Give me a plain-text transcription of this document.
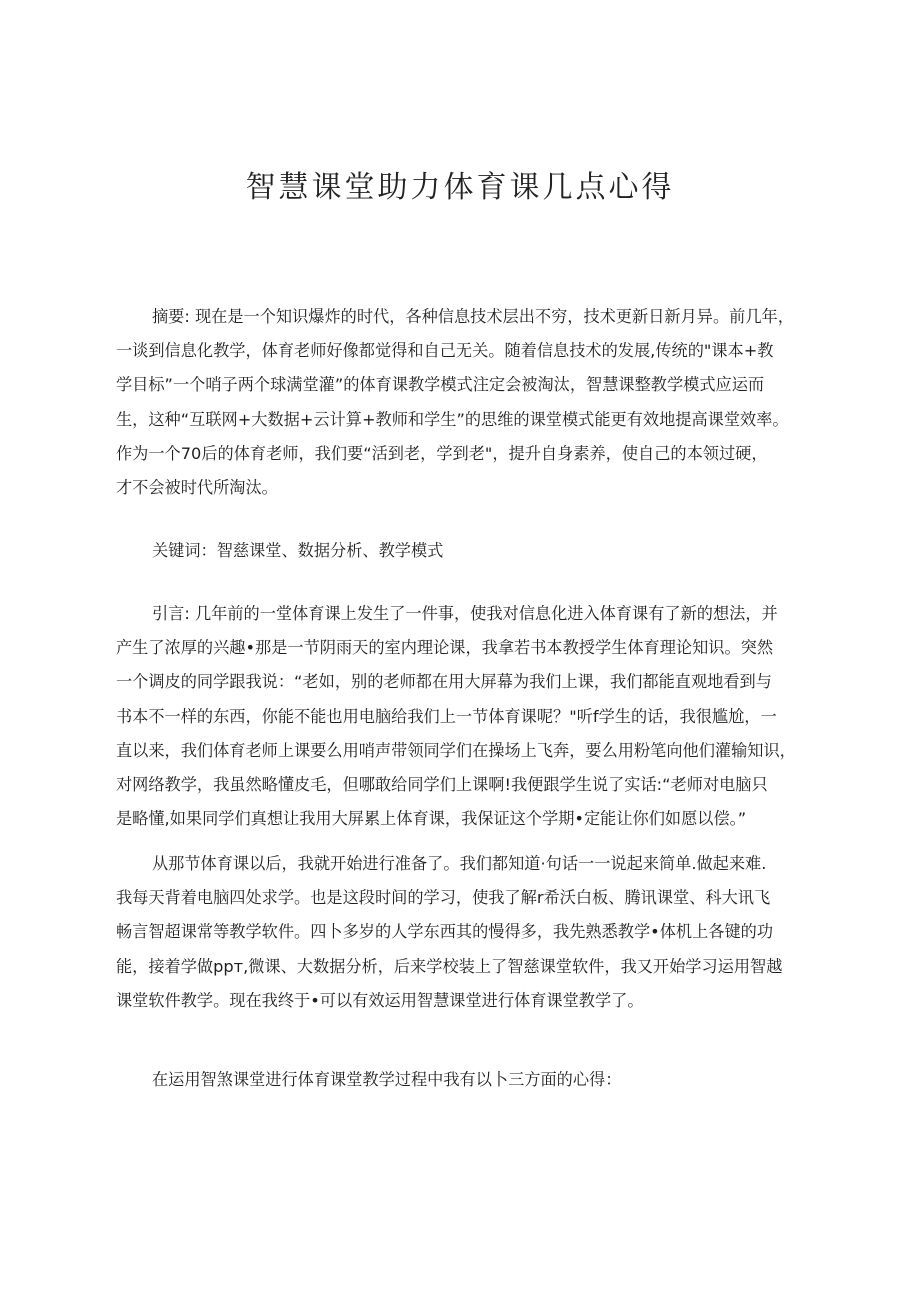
智慧课堂助力体育课几点心得
摘要: 现在是一个知识爆炸的时代，各种信息技术层出不穷，技术更新日新月异。前几年，
一谈到信息化教学，体育老师好像都觉得和自己无关。随着信息技术的发展,传统的"课本+教
学目标”一个哨子两个球满堂灌”的体育课教学模式注定会被淘汰，智慧课整教学模式应运而
生，这种“互联网+大数据+云计算+教师和学生”的思维的课堂模式能更有效地提高课堂效率。
作为一个70后的体育老师，我们要“活到老，学到老"，提升自身素养，使自己的本领过硬，
才不会被时代所淘汰。
关键词：智慈课堂、数据分析、教学模式
引言: 几年前的一堂体育课上发生了一件事，使我对信息化进入体育课有了新的想法，并
产生了浓厚的兴趣•那是一节阴雨天的室内理论课，我拿若书本教授学生体育理论知识。突然
一个调皮的同学跟我说：“老如，别的老师都在用大屏幕为我们上课，我们都能直观地看到与
书本不一样的东西，你能不能也用电脑给我们上一节体育课呢？"听f学生的话，我很尴尬，一
直以来，我们体育老师上课要么用哨声带领同学们在操场上飞奔，要么用粉笔向他们灌输知识，
对网络教学，我虽然略懂皮毛，但哪敢给同学们上课啊!我便跟学生说了实话:“老师对电脑只
是略懂,如果同学们真想让我用大屏累上体育课，我保证这个学期•定能让你们如愿以偿。”
从那节体育课以后，我就开始进行准备了。我们都知道·句话一一说起来简单.做起来难.
我每天背着电脑四处求学。也是这段时间的学习，使我了解r希沃白板、腾讯课堂、科大讯飞
畅言智超课常等教学软件。四卜多岁的人学东西其的慢得多，我先熟悉教学•体机上各键的功
能，接着学做ppт,微课、大数据分析，后来学校装上了智慈课堂软件，我又开始学习运用智越
课堂软件教学。现在我终于•可以有效运用智慧课堂进行体育课堂教学了。
在运用智煞课堂进行体育课堂教学过程中我有以卜三方面的心得：
